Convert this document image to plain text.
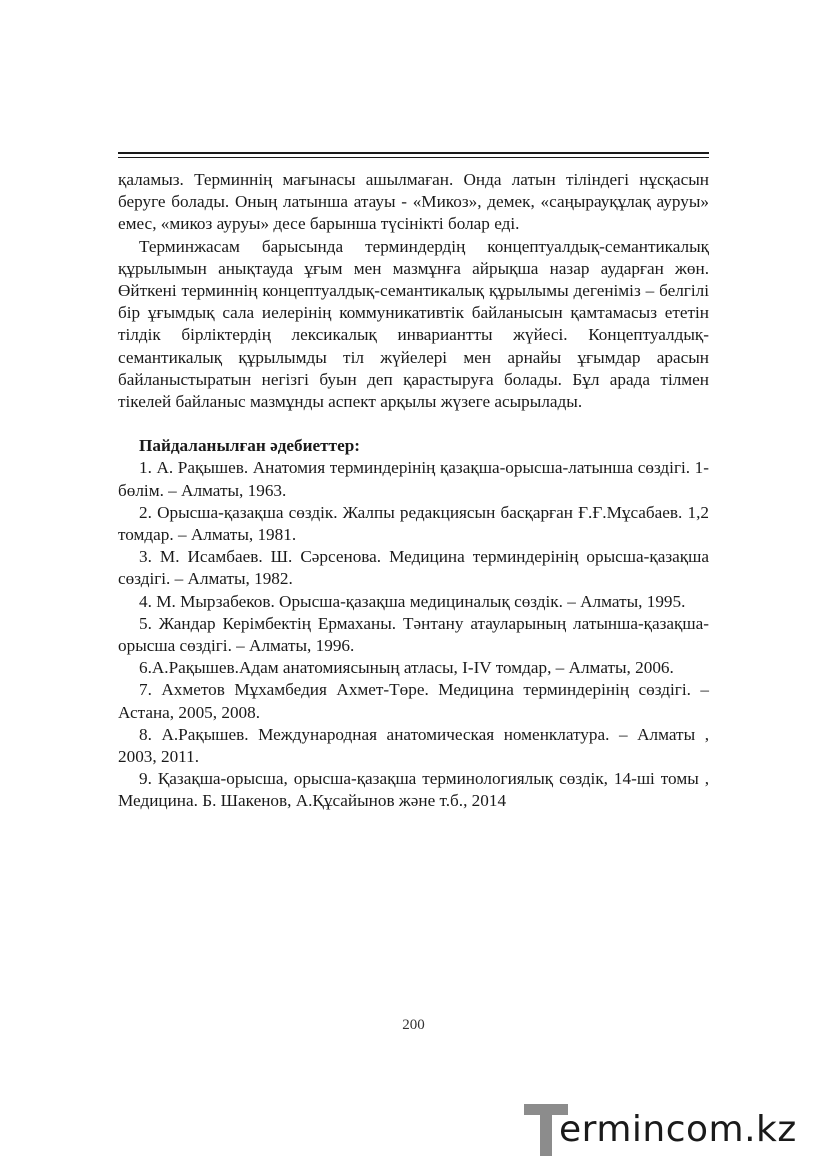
қаламыз. Терминнің мағынасы ашылмаған. Онда латын тіліндегі нұсқасын беруге болады. Оның латынша атауы - «Микоз», демек, «саңырауқұлақ ауруы» емес, «микоз ауруы» десе барынша түсінікті болар еді.

Терминжасам барысында терминдердің концептуалдық-семантикалық құрылымын анықтауда ұғым мен мазмұнға айрықша назар аударған жөн. Өйткені терминнің концептуалдық-семантикалық құрылымы дегеніміз – белгілі бір ұғымдық сала иелерінің коммуникативтік байланысын қамтамасыз ететін тілдік бірліктердің лексикалық инвариантты жүйесі. Концептуалдық-семантикалық құрылымды тіл жүйелері мен арнайы ұғымдар арасын байланыстыратын негізгі буын деп қарастыруға болады. Бұл арада тілмен тікелей байланыс мазмұнды аспект арқылы жүзеге асырылады.

Пайдаланылған әдебиеттер:

1. А. Рақышев. Анатомия терминдерінің қазақша-орысша-латынша сөздігі. 1- бөлім. – Алматы, 1963.

2. Орысша-қазақша сөздік. Жалпы редакциясын басқарған Ғ.Ғ.Мұсабаев. 1,2 томдар. – Алматы, 1981.

3. М. Исамбаев. Ш. Сәрсенова. Медицина терминдерінің орысша-қазақша сөздігі. – Алматы, 1982.

4. М. Мырзабеков. Орысша-қазақша медициналық сөздік. – Алматы, 1995.

5. Жандар Керімбектің Ермаханы. Тәнтану атауларының латынша-қазақша-орысша сөздігі. – Алматы, 1996.

6.А.Рақышев.Адам анатомиясының атласы, I-IV томдар, – Алматы, 2006.

7. Ахметов Мұхамбедия Ахмет-Төре. Медицина терминдерінің сөздігі. – Астана, 2005, 2008.

8. А.Рақышев. Международная анатомическая номенклатура. – Алматы , 2003, 2011.

9. Қазақша-орысша, орысша-қазақша терминологиялық сөздік, 14-ші томы , Медицина. Б. Шакенов, А.Құсайынов және т.б., 2014

200
ermincom.kz
